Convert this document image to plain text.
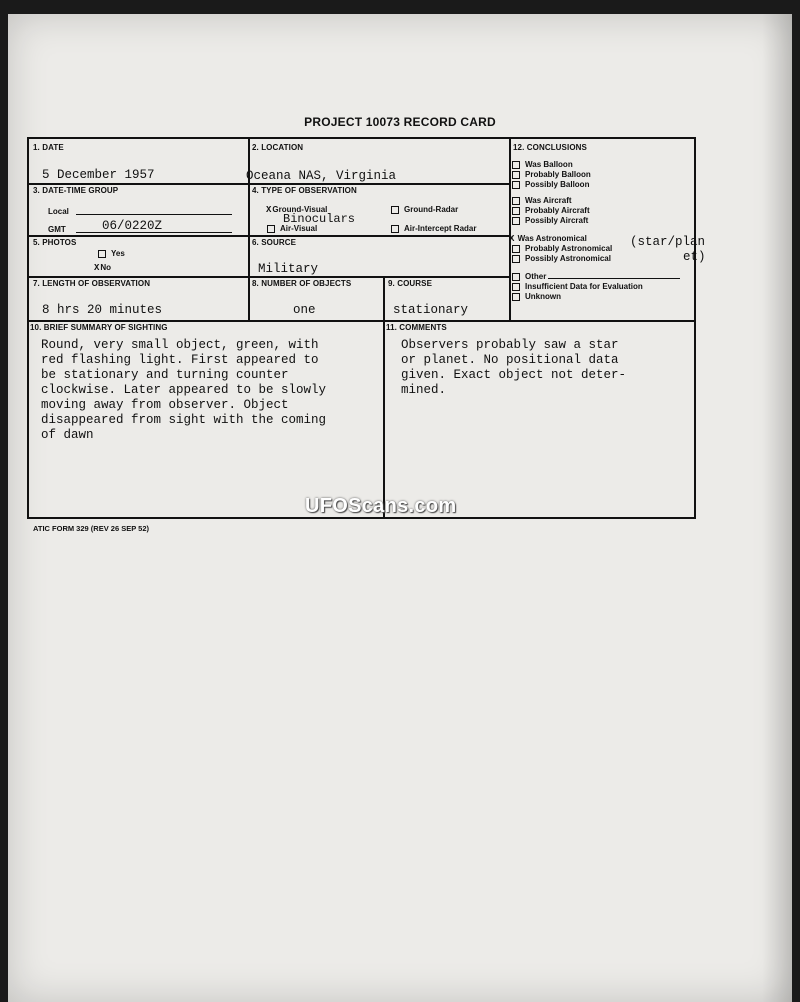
PROJECT 10073 RECORD CARD
1. DATE
5 December 1957
2. LOCATION
Oceana NAS, Virginia
3. DATE-TIME GROUP
Local
GMT	06/0220Z
4. TYPE OF OBSERVATION
XGround-Visual
Binoculars
Air-Visual
Ground-Radar
Air-Intercept Radar
5. PHOTOS
Yes
XNo
6. SOURCE
Military
7. LENGTH OF OBSERVATION
8 hrs 20 minutes
8. NUMBER OF OBJECTS
one
9. COURSE
stationary
10. BRIEF SUMMARY OF SIGHTING
Round, very small object, green, with
red flashing light. First appeared to
be stationary and turning counter
clockwise. Later appeared to be slowly
moving away from observer. Object
disappeared from sight with the coming
of dawn
11. COMMENTS
Observers probably saw a star
or planet. No positional data
given. Exact object not deter-
mined.
12. CONCLUSIONS
Was Balloon
Probably Balloon
Possibly Balloon
Was Aircraft
Probably Aircraft
Possibly Aircraft
X Was Astronomical
Probably Astronomical
Possibly Astronomical
Other
Insufficient Data for Evaluation
Unknown
(star/plan
et)
ATIC FORM 329 (REV 26 SEP 52)
UFOScans.com
